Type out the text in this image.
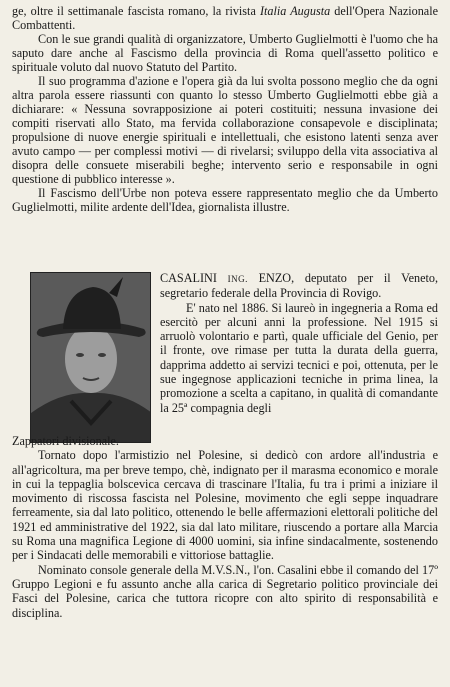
ge, oltre il settimanale fascista romano, la rivista Italia Augusta dell'Opera Nazionale Combattenti.

Con le sue grandi qualità di organizzatore, Umberto Guglielmotti è l'uomo che ha saputo dare anche al Fascismo della provincia di Roma quell'assetto politico e spirituale voluto dal nuovo Statuto del Partito.

Il suo programma d'azione e l'opera già da lui svolta possono meglio che da ogni altra parola essere riassunti con quanto lo stesso Umberto Guglielmotti ebbe già a dichiarare: « Nessuna sovrapposizione ai poteri costituiti; nessuna invasione dei compiti riservati allo Stato, ma fervida collaborazione consapevole e disciplinata; propulsione di nuove energie spirituali e intellettuali, che esistono latenti senza aver avuto campo — per complessi motivi — di rivelarsi; sviluppo della vita associativa al disopra delle consuete miserabili beghe; intervento serio e responsabile in ogni questione di pubblico interesse ».

Il Fascismo dell'Urbe non poteva essere rappresentato meglio che da Umberto Guglielmotti, milite ardente dell'Idea, giornalista illustre.

CASALINI ING. ENZO, deputato per il Veneto, segretario federale della Provincia di Rovigo.

E' nato nel 1886. Si laureò in ingegneria a Roma ed esercitò per alcuni anni la professione. Nel 1915 si arruolò volontario e partì, quale ufficiale del Genio, per il fronte, ove rimase per tutta la durata della guerra, dapprima addetto ai servizi tecnici e poi, ottenuta, per le sue ingegnose applicazioni tecniche in prima linea, la promozione a scelta a capitano, in qualità di comandante la 25ª compagnia degli

Zappatori divisionale.

Tornato dopo l'armistizio nel Polesine, si dedicò con ardore all'industria e all'agricoltura, ma per breve tempo, chè, indignato per il marasma economico e morale in cui la teppaglia bolscevica cercava di trascinare l'Italia, fu tra i primi a iniziare il movimento di riscossa fascista nel Polesine, movimento che egli seppe inquadrare ferreamente, sia dal lato politico, ottenendo le belle affermazioni elettorali politiche del 1921 ed amministrative del 1922, sia dal lato militare, riuscendo a portare alla Marcia su Roma una magnifica Legione di 4000 uomini, sia infine sindacalmente, sostenendo per i Sindacati delle memorabili e vittoriose battaglie.

Nominato console generale della M.V.S.N., l'on. Casalini ebbe il comando del 17º Gruppo Legioni e fu assunto anche alla carica di Segretario politico provinciale dei Fasci del Polesine, carica che tuttora ricopre con alto spirito di responsabilità e disciplina.
